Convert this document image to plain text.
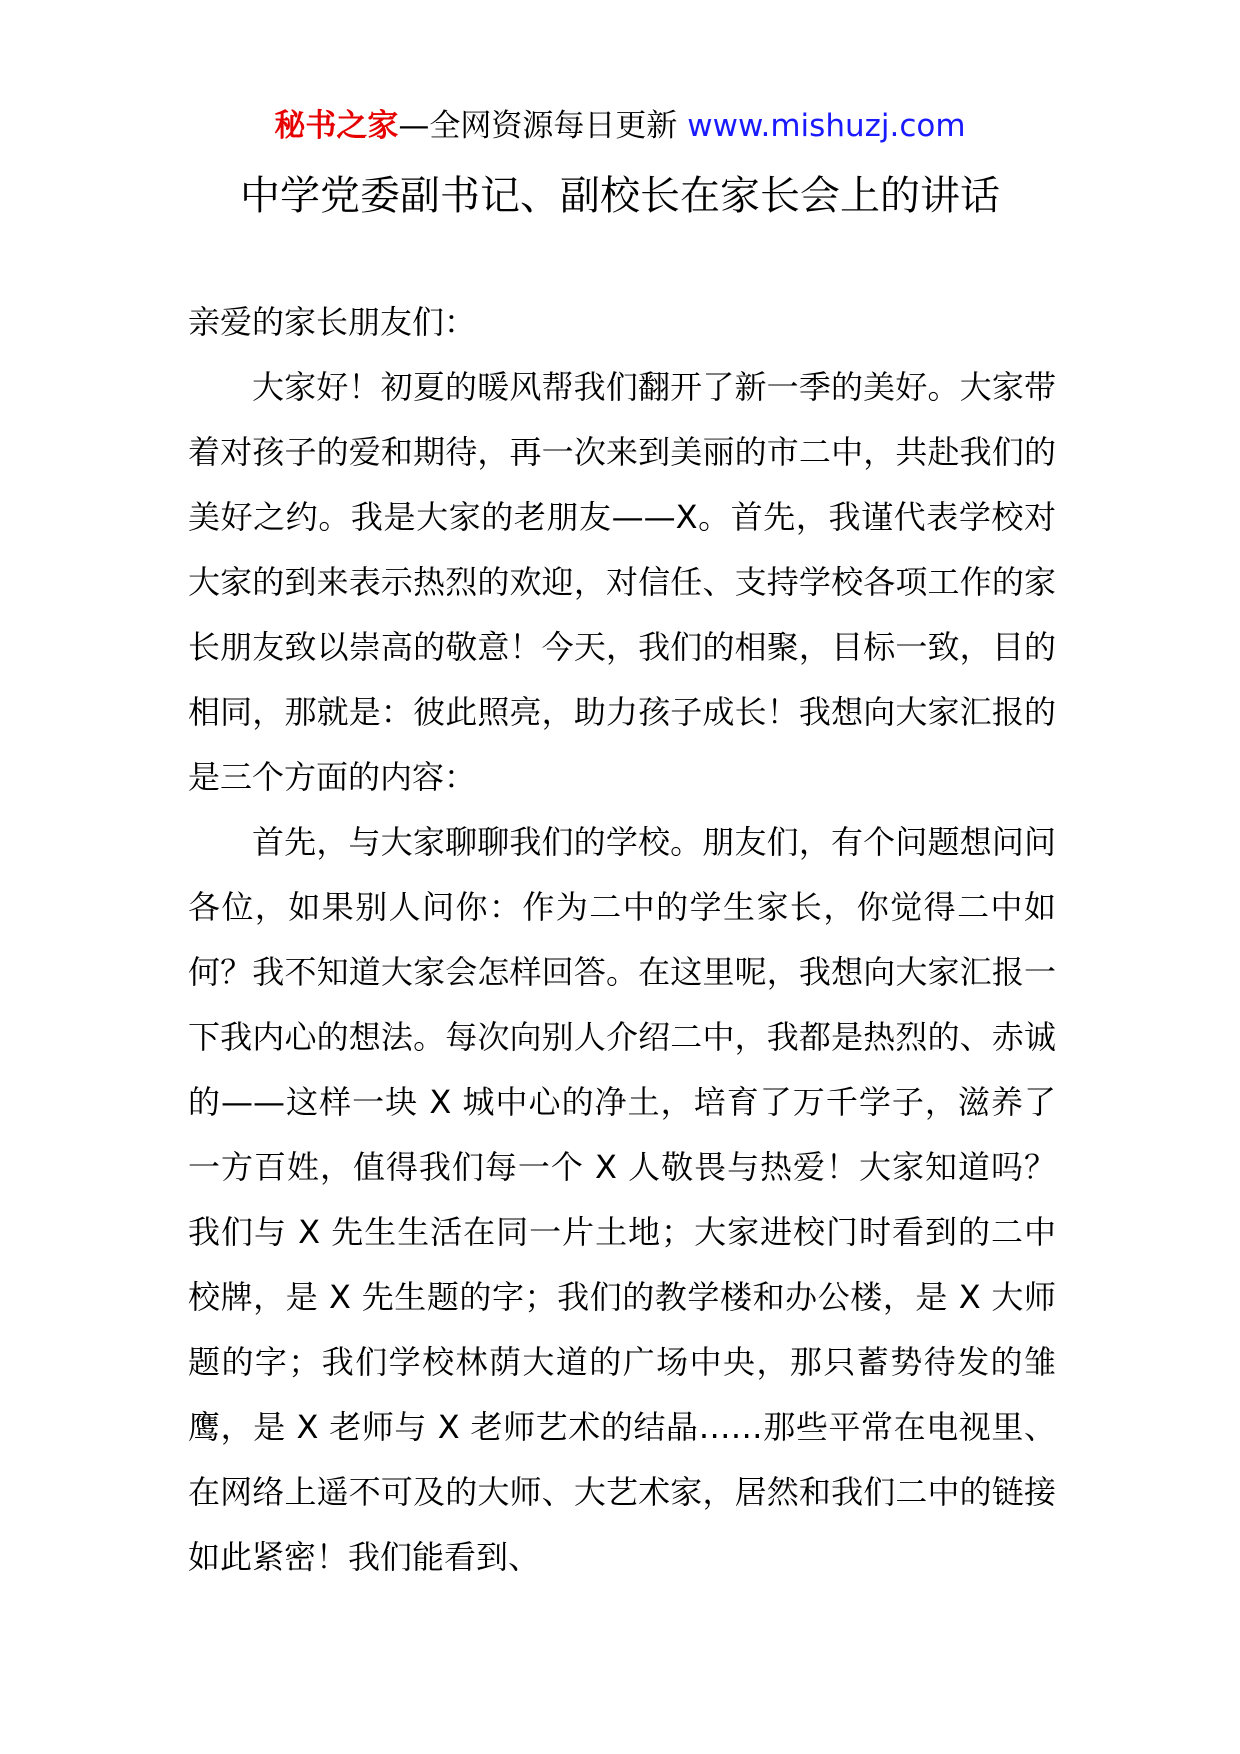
秘书之家—全网资源每日更新 www.mishuzj.com
中学党委副书记、副校长在家长会上的讲话

亲爱的家长朋友们：

大家好！初夏的暖风帮我们翻开了新一季的美好。大家带着对孩子的爱和期待，再一次来到美丽的市二中，共赴我们的美好之约。我是大家的老朋友——X。首先，我谨代表学校对大家的到来表示热烈的欢迎，对信任、支持学校各项工作的家长朋友致以崇高的敬意！今天，我们的相聚，目标一致，目的相同，那就是：彼此照亮，助力孩子成长！我想向大家汇报的是三个方面的内容：

首先，与大家聊聊我们的学校。朋友们，有个问题想问问各位，如果别人问你：作为二中的学生家长，你觉得二中如何？我不知道大家会怎样回答。在这里呢，我想向大家汇报一下我内心的想法。每次向别人介绍二中，我都是热烈的、赤诚的——这样一块 X 城中心的净土，培育了万千学子，滋养了一方百姓，值得我们每一个 X 人敬畏与热爱！大家知道吗？我们与 X 先生生活在同一片土地；大家进校门时看到的二中校牌，是 X 先生题的字；我们的教学楼和办公楼，是 X 大师题的字；我们学校林荫大道的广场中央，那只蓄势待发的雏鹰，是 X 老师与 X 老师艺术的结晶……那些平常在电视里、在网络上遥不可及的大师、大艺术家，居然和我们二中的链接如此紧密！我们能看到、
